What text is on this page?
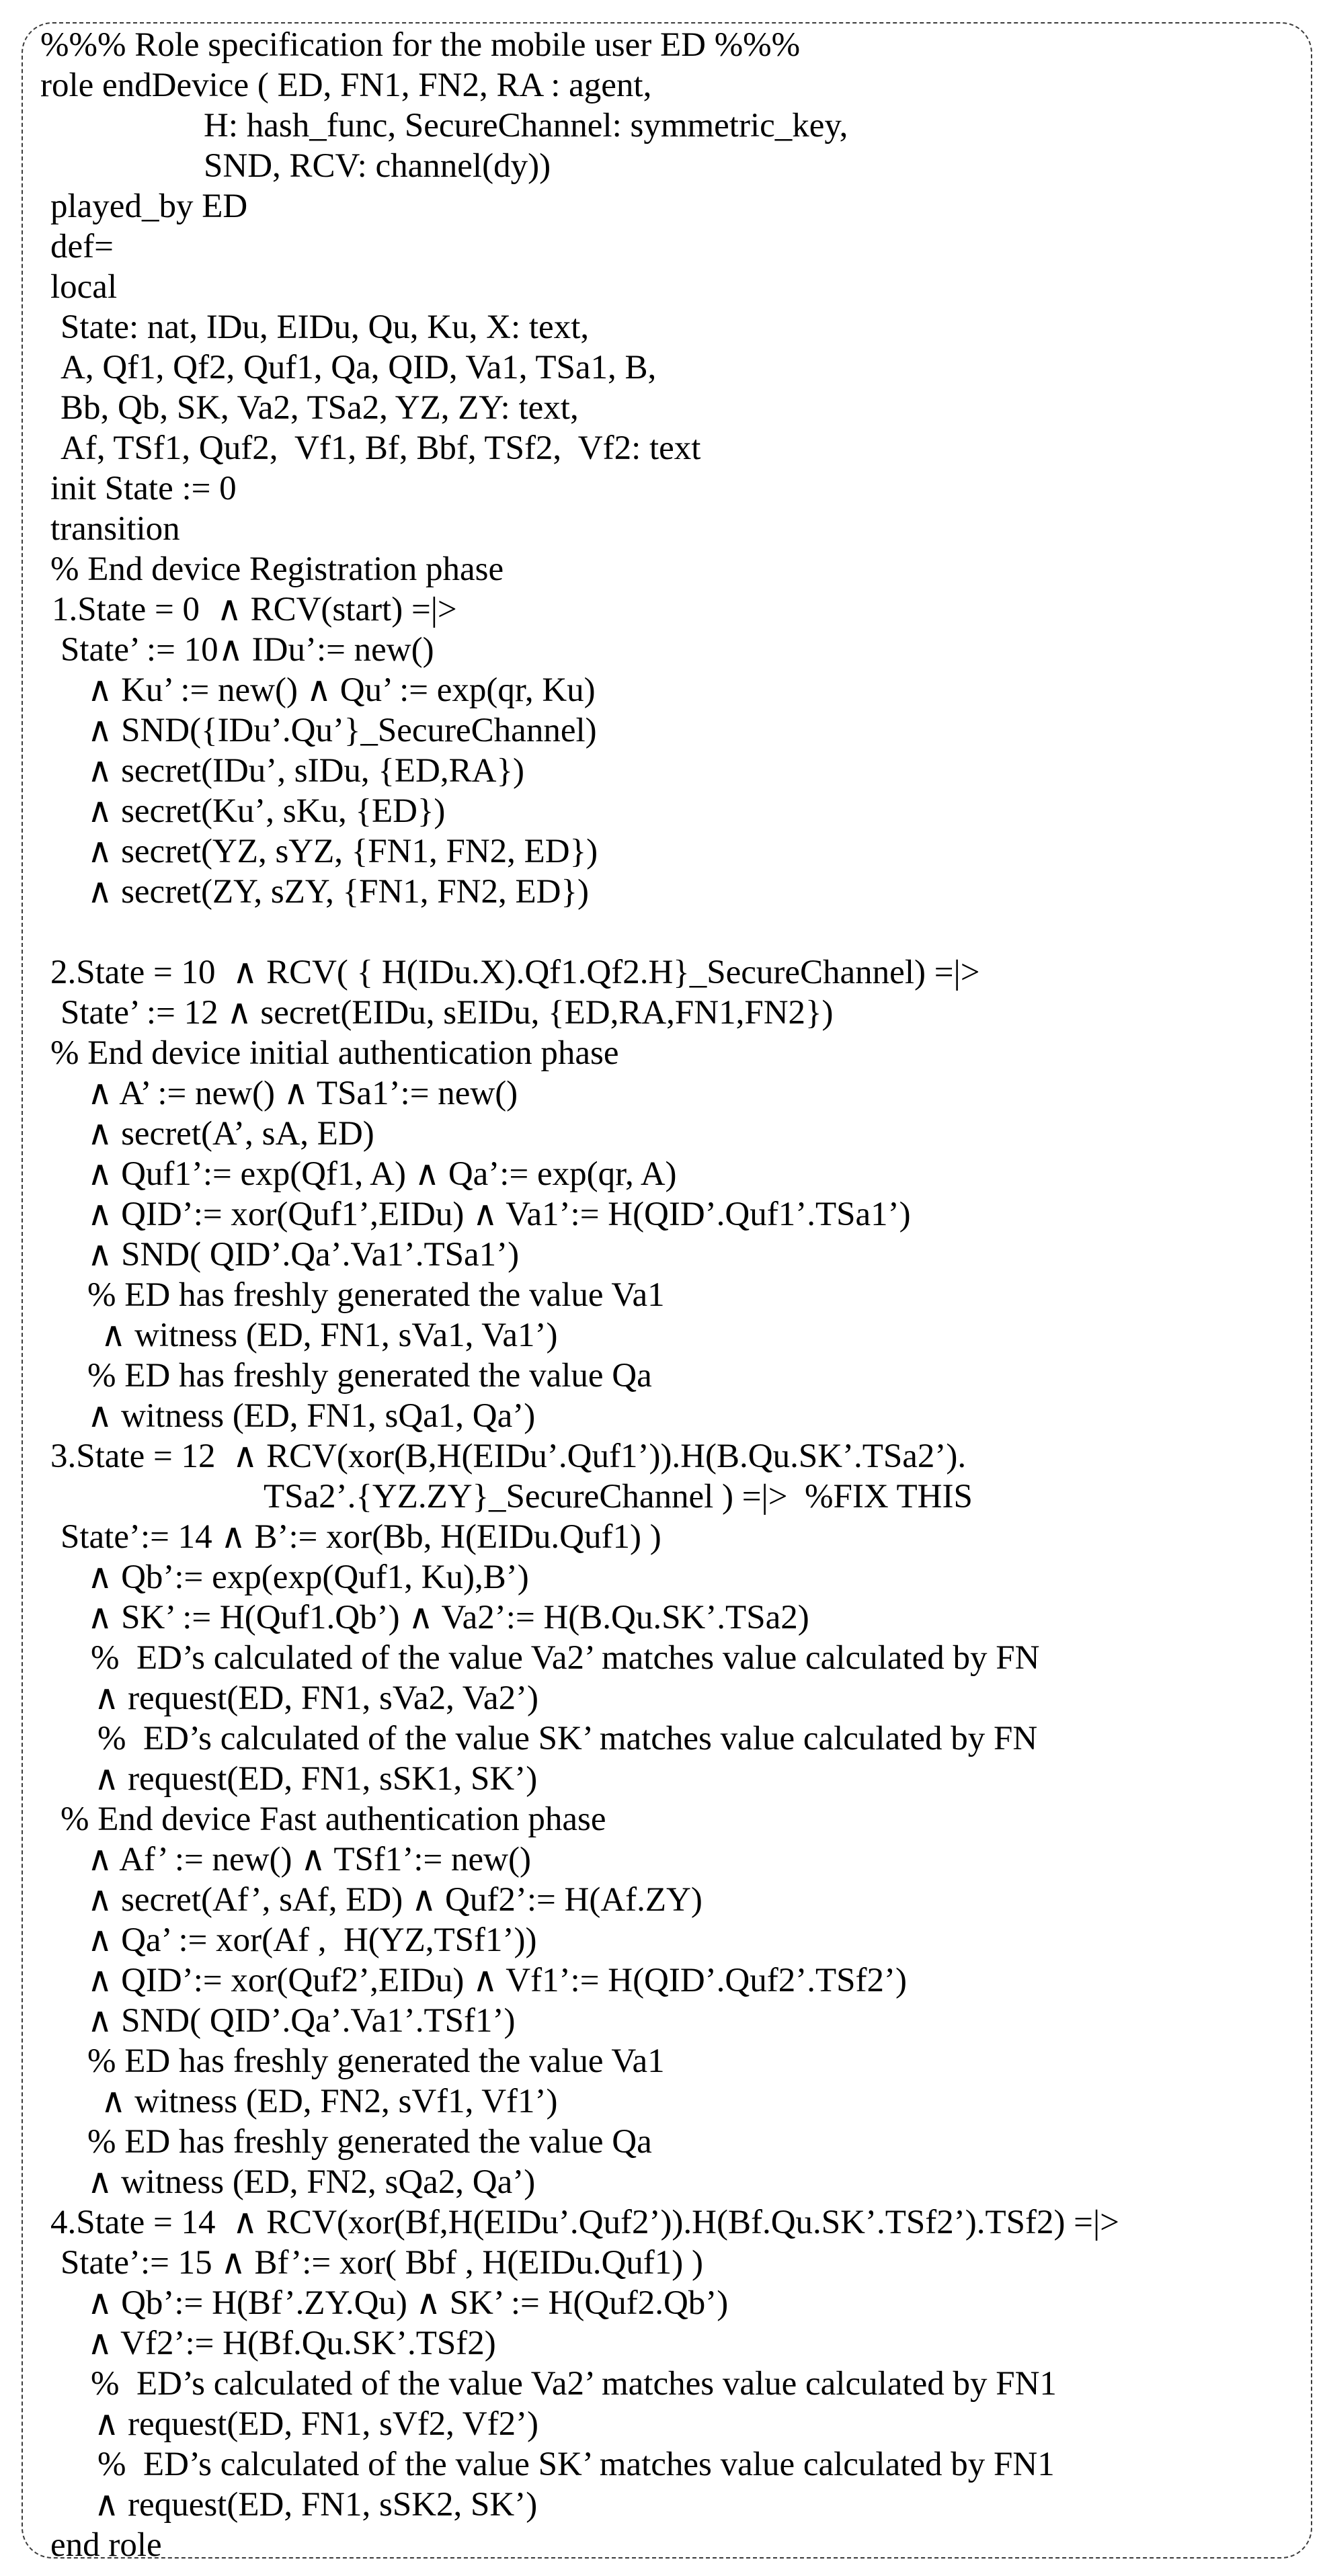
%%% Role specification for the mobile user ED %%%
role endDevice ( ED, FN1, FN2, RA : agent,
H: hash_func, SecureChannel: symmetric_key,
SND, RCV: channel(dy))
played_by ED
def=
local
State: nat, IDu, EIDu, Qu, Ku, X: text,
A, Qf1, Qf2, Quf1, Qa, QID, Va1, TSa1, B,
Bb, Qb, SK, Va2, TSa2, YZ, ZY: text,
Af, TSf1, Quf2,  Vf1, Bf, Bbf, TSf2,  Vf2: text
init State := 0
transition
% End device Registration phase
1.State = 0  ∧ RCV(start) =|>
State’ := 10∧ IDu’:= new()
∧ Ku’ := new() ∧ Qu’ := exp(qr, Ku)
∧ SND({IDu’.Qu’}_SecureChannel)
∧ secret(IDu’, sIDu, {ED,RA})
∧ secret(Ku’, sKu, {ED})
∧ secret(YZ, sYZ, {FN1, FN2, ED})
∧ secret(ZY, sZY, {FN1, FN2, ED})
2.State = 10  ∧ RCV( { H(IDu.X).Qf1.Qf2.H}_SecureChannel) =|>
State’ := 12 ∧ secret(EIDu, sEIDu, {ED,RA,FN1,FN2})
% End device initial authentication phase
∧ A’ := new() ∧ TSa1’:= new()
∧ secret(A’, sA, ED)
∧ Quf1’:= exp(Qf1, A) ∧ Qa’:= exp(qr, A)
∧ QID’:= xor(Quf1’,EIDu) ∧ Va1’:= H(QID’.Quf1’.TSa1’)
∧ SND( QID’.Qa’.Va1’.TSa1’)
% ED has freshly generated the value Va1
∧ witness (ED, FN1, sVa1, Va1’)
% ED has freshly generated the value Qa
∧ witness (ED, FN1, sQa1, Qa’)
3.State = 12  ∧ RCV(xor(B,H(EIDu’.Quf1’)).H(B.Qu.SK’.TSa2’).
TSa2’.{YZ.ZY}_SecureChannel ) =|>  %FIX THIS
State’:= 14 ∧ B’:= xor(Bb, H(EIDu.Quf1) )
∧ Qb’:= exp(exp(Quf1, Ku),B’)
∧ SK’ := H(Quf1.Qb’) ∧ Va2’:= H(B.Qu.SK’.TSa2)
%  ED’s calculated of the value Va2’ matches value calculated by FN
∧ request(ED, FN1, sVa2, Va2’)
%  ED’s calculated of the value SK’ matches value calculated by FN
∧ request(ED, FN1, sSK1, SK’)
% End device Fast authentication phase
∧ Af’ := new() ∧ TSf1’:= new()
∧ secret(Af’, sAf, ED) ∧ Quf2’:= H(Af.ZY)
∧ Qa’ := xor(Af ,  H(YZ,TSf1’))
∧ QID’:= xor(Quf2’,EIDu) ∧ Vf1’:= H(QID’.Quf2’.TSf2’)
∧ SND( QID’.Qa’.Va1’.TSf1’)
% ED has freshly generated the value Va1
∧ witness (ED, FN2, sVf1, Vf1’)
% ED has freshly generated the value Qa
∧ witness (ED, FN2, sQa2, Qa’)
4.State = 14  ∧ RCV(xor(Bf,H(EIDu’.Quf2’)).H(Bf.Qu.SK’.TSf2’).TSf2) =|>
State’:= 15 ∧ Bf’:= xor( Bbf , H(EIDu.Quf1) )
∧ Qb’:= H(Bf’.ZY.Qu) ∧ SK’ := H(Quf2.Qb’)
∧ Vf2’:= H(Bf.Qu.SK’.TSf2)
%  ED’s calculated of the value Va2’ matches value calculated by FN1
∧ request(ED, FN1, sVf2, Vf2’)
%  ED’s calculated of the value SK’ matches value calculated by FN1
∧ request(ED, FN1, sSK2, SK’)
end role
